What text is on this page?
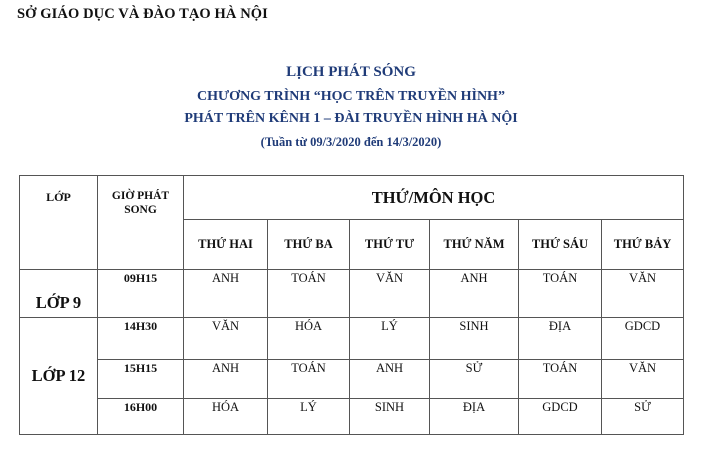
SỞ GIÁO DỤC VÀ ĐÀO TẠO HÀ NỘI
LỊCH PHÁT SÓNG
CHƯƠNG TRÌNH “HỌC TRÊN TRUYỀN HÌNH”
PHÁT TRÊN KÊNH 1 – ĐÀI TRUYỀN HÌNH HÀ NỘI
(Tuần từ 09/3/2020 đến 14/3/2020)
LỚP	GIỜ PHÁT SONG	THỨ/MÔN HỌC					
		THỨ HAI	THỨ BA	THỨ TƯ	THỨ NĂM	THỨ SÁU	THỨ BẢY
LỚP 9	09H15	ANH	TOÁN	VĂN	ANH	TOÁN	VĂN
LỚP 12	14H30	VĂN	HÓA	LÝ	SINH	ĐỊA	GDCD
	15H15	ANH	TOÁN	ANH	SỬ	TOÁN	VĂN
	16H00	HÓA	LÝ	SINH	ĐỊA	GDCD	SỬ
